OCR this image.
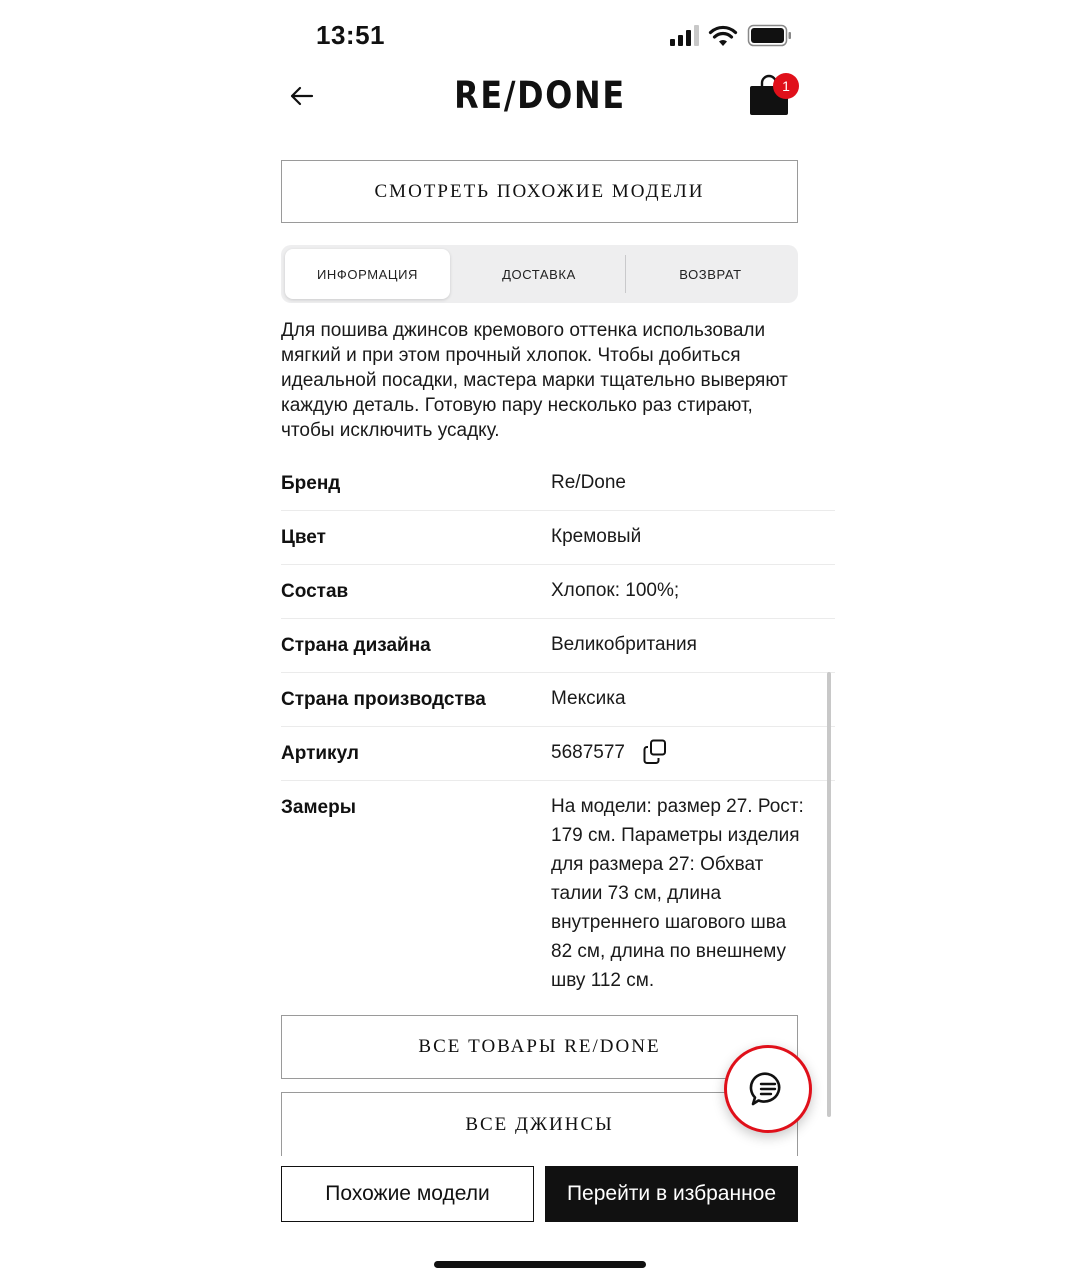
13:51
RE/DONE	1
СМОТРЕТЬ ПОХОЖИЕ МОДЕЛИ
ИНФОРМАЦИЯ	ДОСТАВКА	ВОЗВРАТ
Для пошива джинсов кремового оттенка использовали мягкий и при этом прочный хлопок. Чтобы добиться идеальной посадки, мастера марки тщательно выверяют каждую деталь. Готовую пару несколько раз стирают, чтобы исключить усадку.
Бренд	Re/Done
Цвет	Кремовый
Состав	Хлопок: 100%;
Страна дизайна	Великобритания
Страна производства	Мексика
Артикул	5687577
Замеры	На модели: размер 27. Рост: 179 см. Параметры изделия для размера 27: Обхват талии 73 см, длина внутреннего шагового шва 82 см, длина по внешнему шву 112 см.
ВСЕ ТОВАРЫ RE/DONE
ВСЕ ДЖИНСЫ
Похожие модели	Перейти в избранное
